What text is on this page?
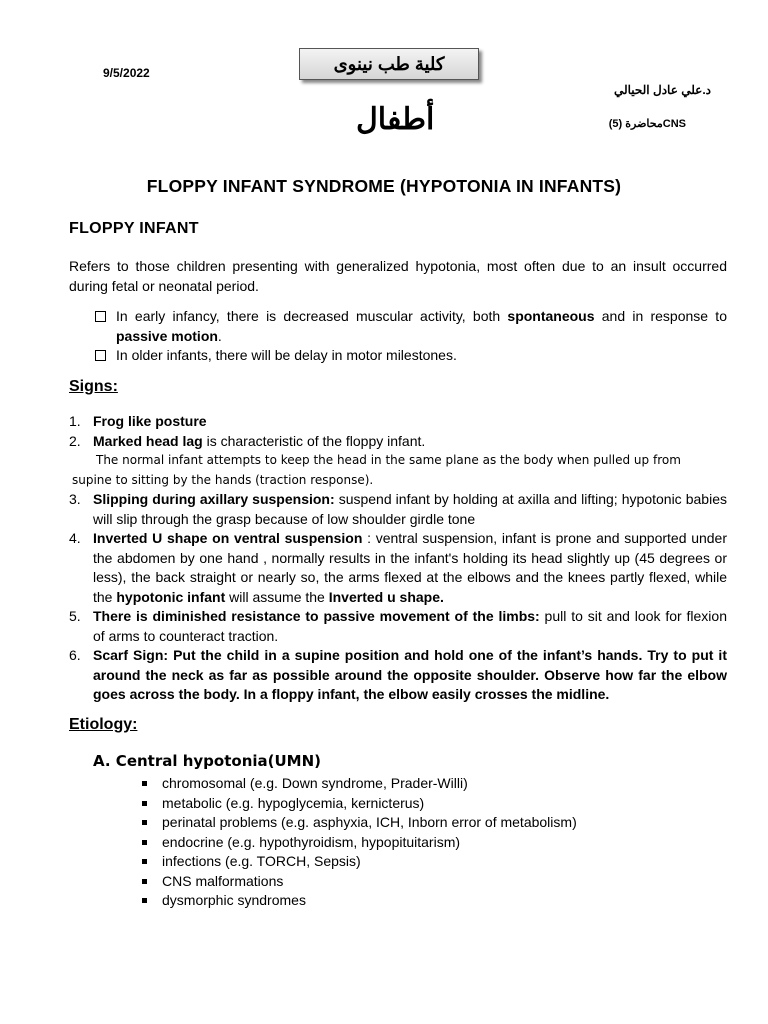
9/5/2022	كلية طب نينوى
د.علي عادل الحيالي
أطفال	محاضرة (5)CNS
FLOPPY INFANT SYNDROME (HYPOTONIA IN INFANTS)
FLOPPY INFANT
Refers to those children presenting with generalized hypotonia, most often due to an insult occurred during fetal or neonatal period.
In early infancy, there is decreased muscular activity, both spontaneous and in response to passive motion.
In older infants, there will be delay in motor milestones.
Signs:
1. Frog like posture
2. Marked head lag is characteristic of the floppy infant.
The normal infant attempts to keep the head in the same plane as the body when pulled up from
supine to sitting by the hands (traction response).
3. Slipping during axillary suspension: suspend infant by holding at axilla and lifting; hypotonic babies will slip through the grasp because of low shoulder girdle tone
4. Inverted U shape on ventral suspension : ventral suspension, infant is prone and supported under the abdomen by one hand , normally results in the infant's holding its head slightly up (45 degrees or less), the back straight or nearly so, the arms flexed at the elbows and the knees partly flexed, while the hypotonic infant will assume the Inverted u shape.
5. There is diminished resistance to passive movement of the limbs: pull to sit and look for flexion of arms to counteract traction.
6. Scarf Sign: Put the child in a supine position and hold one of the infant’s hands. Try to put it around the neck as far as possible around the opposite shoulder. Observe how far the elbow goes across the body. In a floppy infant, the elbow easily crosses the midline.
Etiology:
A. Central hypotonia(UMN)
chromosomal (e.g. Down syndrome, Prader-Willi)
metabolic (e.g. hypoglycemia, kernicterus)
perinatal problems (e.g. asphyxia, ICH, Inborn error of metabolism)
endocrine (e.g. hypothyroidism, hypopituitarism)
infections (e.g. TORCH, Sepsis)
CNS malformations
dysmorphic syndromes
